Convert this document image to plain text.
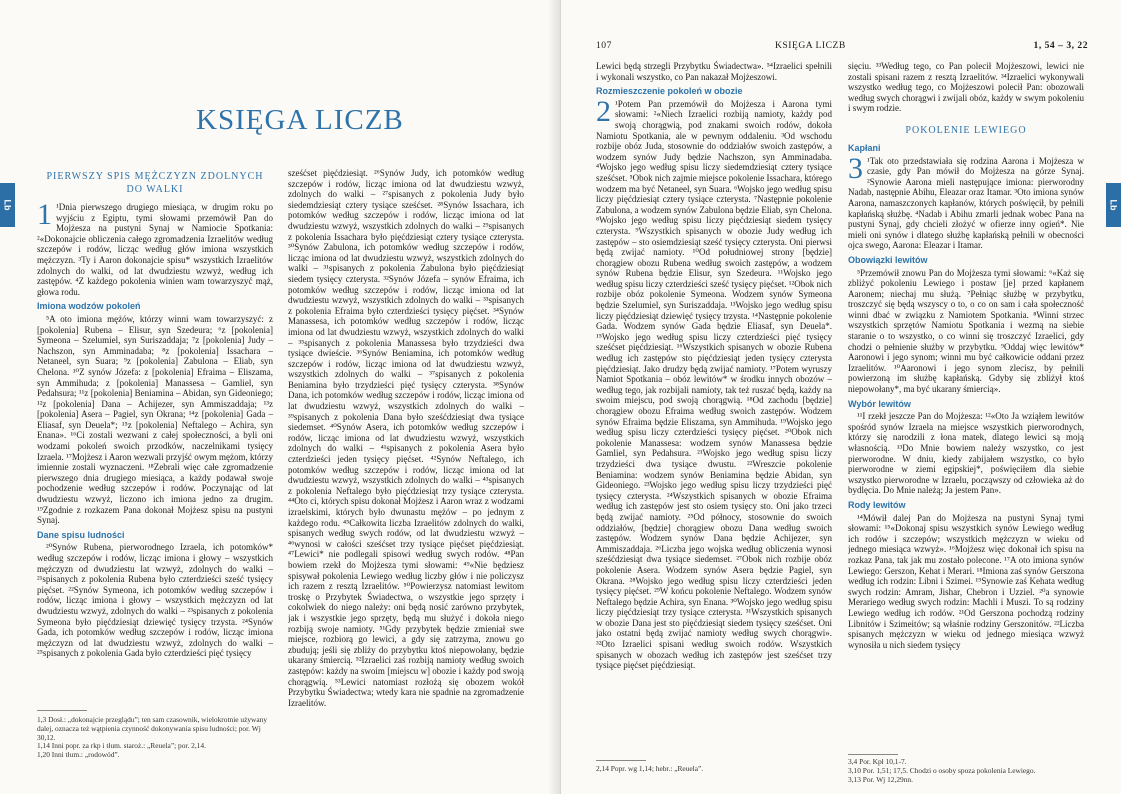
Lb
KSIĘGA LICZB
PIERWSZY SPIS MĘŻCZYZN ZDOLNYCH DO WALKI

1 ¹Dnia pierwszego drugiego miesiąca, w drugim roku po wyjściu z Egiptu, tymi słowami przemówił Pan do Mojżesza na pustyni Synaj w Namiocie Spotkania: ²«Dokonajcie obliczenia całego zgromadzenia Izraelitów według szczepów i rodów, licząc według głów imiona wszystkich mężczyzn. ³Ty i Aaron dokonajcie spisu* wszystkich Izraelitów zdolnych do walki, od lat dwudziestu wzwyż, według ich zastępów. ⁴Z każdego pokolenia winien wam towarzyszyć mąż, głowa rodu.

Imiona wodzów pokoleń

⁵A oto imiona mężów, którzy winni wam towarzyszyć: z [pokolenia] Rubena – Elisur, syn Szedeura; ⁶z [pokolenia] Symeona – Szelumiel, syn Suriszaddaja; ⁷z [pokolenia] Judy – Nachszon, syn Amminadaba; ⁸z [pokolenia] Issachara – Netaneel, syn Suara; ⁹z [pokolenia] Zabulona – Eliab, syn Chelona. ¹⁰Z synów Józefa: z [pokolenia] Efraima – Eliszama, syn Ammihuda; z [pokolenia] Manassesa – Gamliel, syn Pedahsura; ¹¹z [pokolenia] Beniamina – Abidan, syn Gideoniego; ¹²z [pokolenia] Dana – Achijezer, syn Ammiszaddaja; ¹³z [pokolenia] Asera – Pagiel, syn Okrana; ¹⁴z [pokolenia] Gada – Eliasaf, syn Deuela*; ¹⁵z [pokolenia] Neftalego – Achira, syn Enana». ¹⁶Ci zostali wezwani z całej społeczności, a byli oni wodzami pokoleń swoich przodków, naczelnikami tysięcy Izraela. ¹⁷Mojżesz i Aaron wezwali przyjść owym mężom, którzy imiennie zostali wyznaczeni. ¹⁸Zebrali więc całe zgromadzenie pierwszego dnia drugiego miesiąca, a każdy podawał swoje pochodzenie według szczepów i rodów. Poczynając od lat dwudziestu wzwyż, liczono ich imiona jedno za drugim. ¹⁹Zgodnie z rozkazem Pana dokonał Mojżesz spisu na pustyni Synaj.

Dane spisu ludności

²⁰Synów Rubena, pierworodnego Izraela, ich potomków* według szczepów i rodów, licząc imiona i głowy – wszystkich mężczyzn od dwudziestu lat wzwyż, zdolnych do walki – ²¹spisanych z pokolenia Rubena było czterdzieści sześć tysięcy pięćset. ²²Synów Symeona, ich potomków według szczepów i rodów, licząc imiona i głowy – wszystkich mężczyzn od lat dwudziestu wzwyż, zdolnych do walki – ²³spisanych z pokolenia Symeona było pięćdziesiąt dziewięć tysięcy trzysta. ²⁴Synów Gada, ich potomków według szczepów i rodów, licząc imiona mężczyzn od lat dwudziestu wzwyż, zdolnych do walki – ²⁵spisanych z pokolenia Gada było czterdzieści pięć tysięcy

sześćset pięćdziesiąt. ²⁶Synów Judy, ich potomków według szczepów i rodów, licząc imiona od lat dwudziestu wzwyż, zdolnych do walki – ²⁷spisanych z pokolenia Judy było siedemdziesiąt cztery tysiące sześćset. ²⁸Synów Issachara, ich potomków według szczepów i rodów, licząc imiona od lat dwudziestu wzwyż, wszystkich zdolnych do walki – ²⁹spisanych z pokolenia Issachara było pięćdziesiąt cztery tysiące czterysta. ³⁰Synów Zabulona, ich potomków według szczepów i rodów, licząc imiona od lat dwudziestu wzwyż, wszystkich zdolnych do walki – ³¹spisanych z pokolenia Zabulona było pięćdziesiąt siedem tysięcy czterysta. ³²Synów Józefa – synów Efraima, ich potomków według szczepów i rodów, licząc imiona od lat dwudziestu wzwyż, wszystkich zdolnych do walki – ³³spisanych z pokolenia Efraima było czterdzieści tysięcy pięćset. ³⁴Synów Manassesa, ich potomków według szczepów i rodów, licząc imiona od lat dwudziestu wzwyż, wszystkich zdolnych do walki – ³⁵spisanych z pokolenia Manassesa było trzydzieści dwa tysiące dwieście. ³⁶Synów Beniamina, ich potomków według szczepów i rodów, licząc imiona od lat dwudziestu wzwyż, wszystkich zdolnych do walki – ³⁷spisanych z pokolenia Beniamina było trzydzieści pięć tysięcy czterysta. ³⁸Synów Dana, ich potomków według szczepów i rodów, licząc imiona od lat dwudziestu wzwyż, wszystkich zdolnych do walki – ³⁹spisanych z pokolenia Dana było sześćdziesiąt dwa tysiące siedemset. ⁴⁰Synów Asera, ich potomków według szczepów i rodów, licząc imiona od lat dwudziestu wzwyż, wszystkich zdolnych do walki – ⁴¹spisanych z pokolenia Asera było czterdzieści jeden tysięcy pięćset. ⁴²Synów Neftalego, ich potomków według szczepów i rodów, licząc imiona od lat dwudziestu wzwyż, wszystkich zdolnych do walki – ⁴³spisanych z pokolenia Neftalego było pięćdziesiąt trzy tysiące czterysta. ⁴⁴Oto ci, których spisu dokonał Mojżesz i Aaron wraz z wodzami izraelskimi, których było dwunastu mężów – po jednym z każdego rodu. ⁴⁵Całkowita liczba Izraelitów zdolnych do walki, spisanych według swych rodów, od lat dwudziestu wzwyż – ⁴⁶wynosi w całości sześćset trzy tysiące pięćset pięćdziesiąt. ⁴⁷Lewici* nie podlegali spisowi według swych rodów. ⁴⁸Pan bowiem rzekł do Mojżesza tymi słowami: ⁴⁹«Nie będziesz spisywał pokolenia Lewiego według liczby głów i nie policzysz ich razem z resztą Izraelitów. ⁵⁰Powierzysz natomiast lewitom troskę o Przybytek Świadectwa, o wszystkie jego sprzęty i cokolwiek do niego należy: oni będą nosić zarówno przybytek, jak i wszystkie jego sprzęty, będą mu służyć i dokoła niego rozbiją swoje namioty. ⁵¹Gdy przybytek będzie zmieniał swe miejsce, rozbiorą go lewici, a gdy się zatrzyma, znowu go zbudują; jeśli się zbliży do przybytku ktoś niepowołany, będzie ukarany śmiercią. ⁵²Izraelici zaś rozbiją namioty według swoich zastępów: każdy na swoim [miejscu w] obozie i każdy pod swoją chorągwią. ⁵³Lewici natomiast rozłożą się obozem wokół Przybytku Świadectwa; wtedy kara nie spadnie na zgromadzenie Izraelitów.

1,3 Dosł.: „dokonajcie przeglądu”; ten sam czasownik, wielokrotnie używany dalej, oznacza też wątpienia czynność dokonywania spisu ludności; por. Wj 30,12.
1,14 Inni popr. za rkp i tłum. staroż.: „Reuela”; por. 2,14.
1,20 Inni tłum.: „rodowód”.
107	KSIĘGA LICZB	1, 54 – 3, 22
Lb

Lewici będą strzegli Przybytku Świadectwa». ⁵⁴Izraelici spełnili i wykonali wszystko, co Pan nakazał Mojżeszowi.

Rozmieszczenie pokoleń w obozie

2 ¹Potem Pan przemówił do Mojżesza i Aarona tymi słowami: ²«Niech Izraelici rozbiją namioty, każdy pod swoją chorągwią, pod znakami swoich rodów, dokoła Namiotu Spotkania, ale w pewnym oddaleniu. ³Od wschodu rozbije obóz Juda, stosownie do oddziałów swoich zastępów, a wodzem synów Judy będzie Nachszon, syn Amminadaba. ⁴Wojsko jego według spisu liczy siedemdziesiąt cztery tysiące sześćset. ⁵Obok nich zajmie miejsce pokolenie Issachara, którego wodzem ma być Netaneel, syn Suara. ⁶Wojsko jego według spisu liczy pięćdziesiąt cztery tysiące czterysta. ⁷Następnie pokolenie Zabulona, a wodzem synów Zabulona będzie Eliab, syn Chelona. ⁸Wojsko jego według spisu liczy pięćdziesiąt siedem tysięcy czterysta. ⁹Wszystkich spisanych w obozie Judy według ich zastępów – sto osiemdziesiąt sześć tysięcy czterysta. Oni pierwsi będą zwijać namioty. ¹⁰Od południowej strony [będzie] chorągiew obozu Rubena według swoich zastępów, a wodzem synów Rubena będzie Elisur, syn Szedeura. ¹¹Wojsko jego według spisu liczy czterdzieści sześć tysięcy pięćset. ¹²Obok nich rozbije obóz pokolenie Symeona. Wodzem synów Symeona będzie Szelumiel, syn Suriszaddaja. ¹³Wojsko jego według spisu liczy pięćdziesiąt dziewięć tysięcy trzysta. ¹⁴Następnie pokolenie Gada. Wodzem synów Gada będzie Eliasaf, syn Deuela*. ¹⁵Wojsko jego według spisu liczy czterdzieści pięć tysięcy sześćset pięćdziesiąt. ¹⁶Wszystkich spisanych w obozie Rubena według ich zastępów sto pięćdziesiąt jeden tysięcy czterysta pięćdziesiąt. Jako drudzy będą zwijać namioty. ¹⁷Potem wyruszy Namiot Spotkania – obóz lewitów* w środku innych obozów – według tego, jak rozbijali namioty, tak też ruszać będą, każdy na swoim miejscu, pod swoją chorągwią. ¹⁸Od zachodu [będzie] chorągiew obozu Efraima według swoich zastępów. Wodzem synów Efraima będzie Eliszama, syn Ammihuda. ¹⁹Wojsko jego według spisu liczy czterdzieści tysięcy pięćset. ²⁰Obok nich pokolenie Manassesa: wodzem synów Manassesa będzie Gamliel, syn Pedahsura. ²¹Wojsko jego według spisu liczy trzydzieści dwa tysiące dwustu. ²²Wreszcie pokolenie Beniamina: wodzem synów Beniamina będzie Abidan, syn Gideoniego. ²³Wojsko jego według spisu liczy trzydzieści pięć tysięcy czterysta. ²⁴Wszystkich spisanych w obozie Efraima według ich zastępów jest sto osiem tysięcy sto. Oni jako trzeci będą zwijać namioty. ²⁵Od północy, stosownie do swoich oddziałów, [będzie] chorągiew obozu Dana według swoich zastępów. Wodzem synów Dana będzie Achijezer, syn Ammiszaddaja. ²⁶Liczba jego wojska według obliczenia wynosi sześćdziesiąt dwa tysiące siedemset. ²⁷Obok nich rozbije obóz pokolenie Asera. Wodzem synów Asera będzie Pagiel, syn Okrana. ²⁸Wojsko jego według spisu liczy czterdzieści jeden tysięcy pięćset. ²⁹W końcu pokolenie Neftalego. Wodzem synów Neftalego będzie Achira, syn Enana. ³⁰Wojsko jego według spisu liczy pięćdziesiąt trzy tysiące czterysta. ³¹Wszystkich spisanych w obozie Dana jest sto pięćdziesiąt siedem tysięcy sześćset. Oni jako ostatni będą zwijać namioty według swych chorągwi». ³²Oto Izraelici spisani według swoich rodów. Wszystkich spisanych w obozach według ich zastępów jest sześćset trzy tysiące pięćset pięćdziesiąt.

2,14 Popr. wg 1,14; hebr.: „Reuela”.

sięciu. ³³Według tego, co Pan polecił Mojżeszowi, lewici nie zostali spisani razem z resztą Izraelitów. ³⁴Izraelici wykonywali wszystko według tego, co Mojżeszowi polecił Pan: obozowali według swych chorągwi i zwijali obóz, każdy w swym pokoleniu i swym rodzie.

POKOLENIE LEWIEGO
Kapłani

3 ¹Tak oto przedstawiała się rodzina Aarona i Mojżesza w czasie, gdy Pan mówił do Mojżesza na górze Synaj. ²Synowie Aarona mieli następujące imiona: pierworodny Nadab, następnie Abihu, Eleazar oraz Itamar. ³Oto imiona synów Aarona, namaszczonych kapłanów, których poświęcił, by pełnili kapłańską służbę. ⁴Nadab i Abihu zmarli jednak wobec Pana na pustyni Synaj, gdy chcieli złożyć w ofierze inny ogień*. Nie mieli oni synów i dlatego służbę kapłańską pełnili w obecności ojca swego, Aarona: Eleazar i Itamar.

Obowiązki lewitów

⁵Przemówił znowu Pan do Mojżesza tymi słowami: ⁶«Każ się zbliżyć pokoleniu Lewiego i postaw [je] przed kapłanem Aaronem; niechaj mu służą. ⁷Pełniąc służbę w przybytku, troszczyć się będą wszyscy o to, o co on sam i cała społeczność winni dbać w związku z Namiotem Spotkania. ⁸Winni strzec wszystkich sprzętów Namiotu Spotkania i wezmą na siebie staranie o to wszystko, o co winni się troszczyć Izraelici, gdy chodzi o pełnienie służby w przybytku. ⁹Oddaj więc lewitów* Aaronowi i jego synom; winni mu być całkowicie oddani przez Izraelitów. ¹⁰Aaronowi i jego synom zlecisz, by pełnili powierzoną im służbę kapłańską. Gdyby się zbliżył ktoś niepowołany*, ma być ukarany śmiercią».

Wybór lewitów

¹¹I rzekł jeszcze Pan do Mojżesza: ¹²«Oto Ja wziąłem lewitów spośród synów Izraela na miejsce wszystkich pierworodnych, którzy się narodzili z łona matek, dlatego lewici są moją własnością. ¹³Do Mnie bowiem należy wszystko, co jest pierworodne. W dniu, kiedy zabijałem wszystko, co było pierworodne w ziemi egipskiej*, poświęciłem dla siebie wszystko pierworodne w Izraelu, począwszy od człowieka aż do bydlęcia. Do Mnie należą; Ja jestem Pan».

Rody lewitów

¹⁴Mówił dalej Pan do Mojżesza na pustyni Synaj tymi słowami: ¹⁵«Dokonaj spisu wszystkich synów Lewiego według ich rodów i szczepów; wszystkich mężczyzn w wieku od jednego miesiąca wzwyż». ¹⁶Mojżesz więc dokonał ich spisu na rozkaz Pana, tak jak mu zostało polecone. ¹⁷A oto imiona synów Lewiego: Gerszon, Kehat i Merari. ¹⁸Imiona zaś synów Gerszona według ich rodzin: Libni i Szimei. ¹⁹Synowie zaś Kehata według swych rodzin: Amram, Jishar, Chebron i Uzziel. ²⁰a synowie Merariego według swych rodzin: Machli i Muszi. To są rodziny Lewiego według ich rodów. ²¹Od Gerszona pochodzą rodziny Libnitów i Szimeitów; są właśnie rodziny Gerszonitów. ²²Liczba spisanych mężczyzn w wieku od jednego miesiąca wzwyż wynosiła u nich siedem tysięcy

3,4 Por. Kpł 10,1-7.
3,10 Por. 1,51; 17,5. Chodzi o osoby spoza pokolenia Lewiego.
3,13 Por. Wj 12,29nn.
